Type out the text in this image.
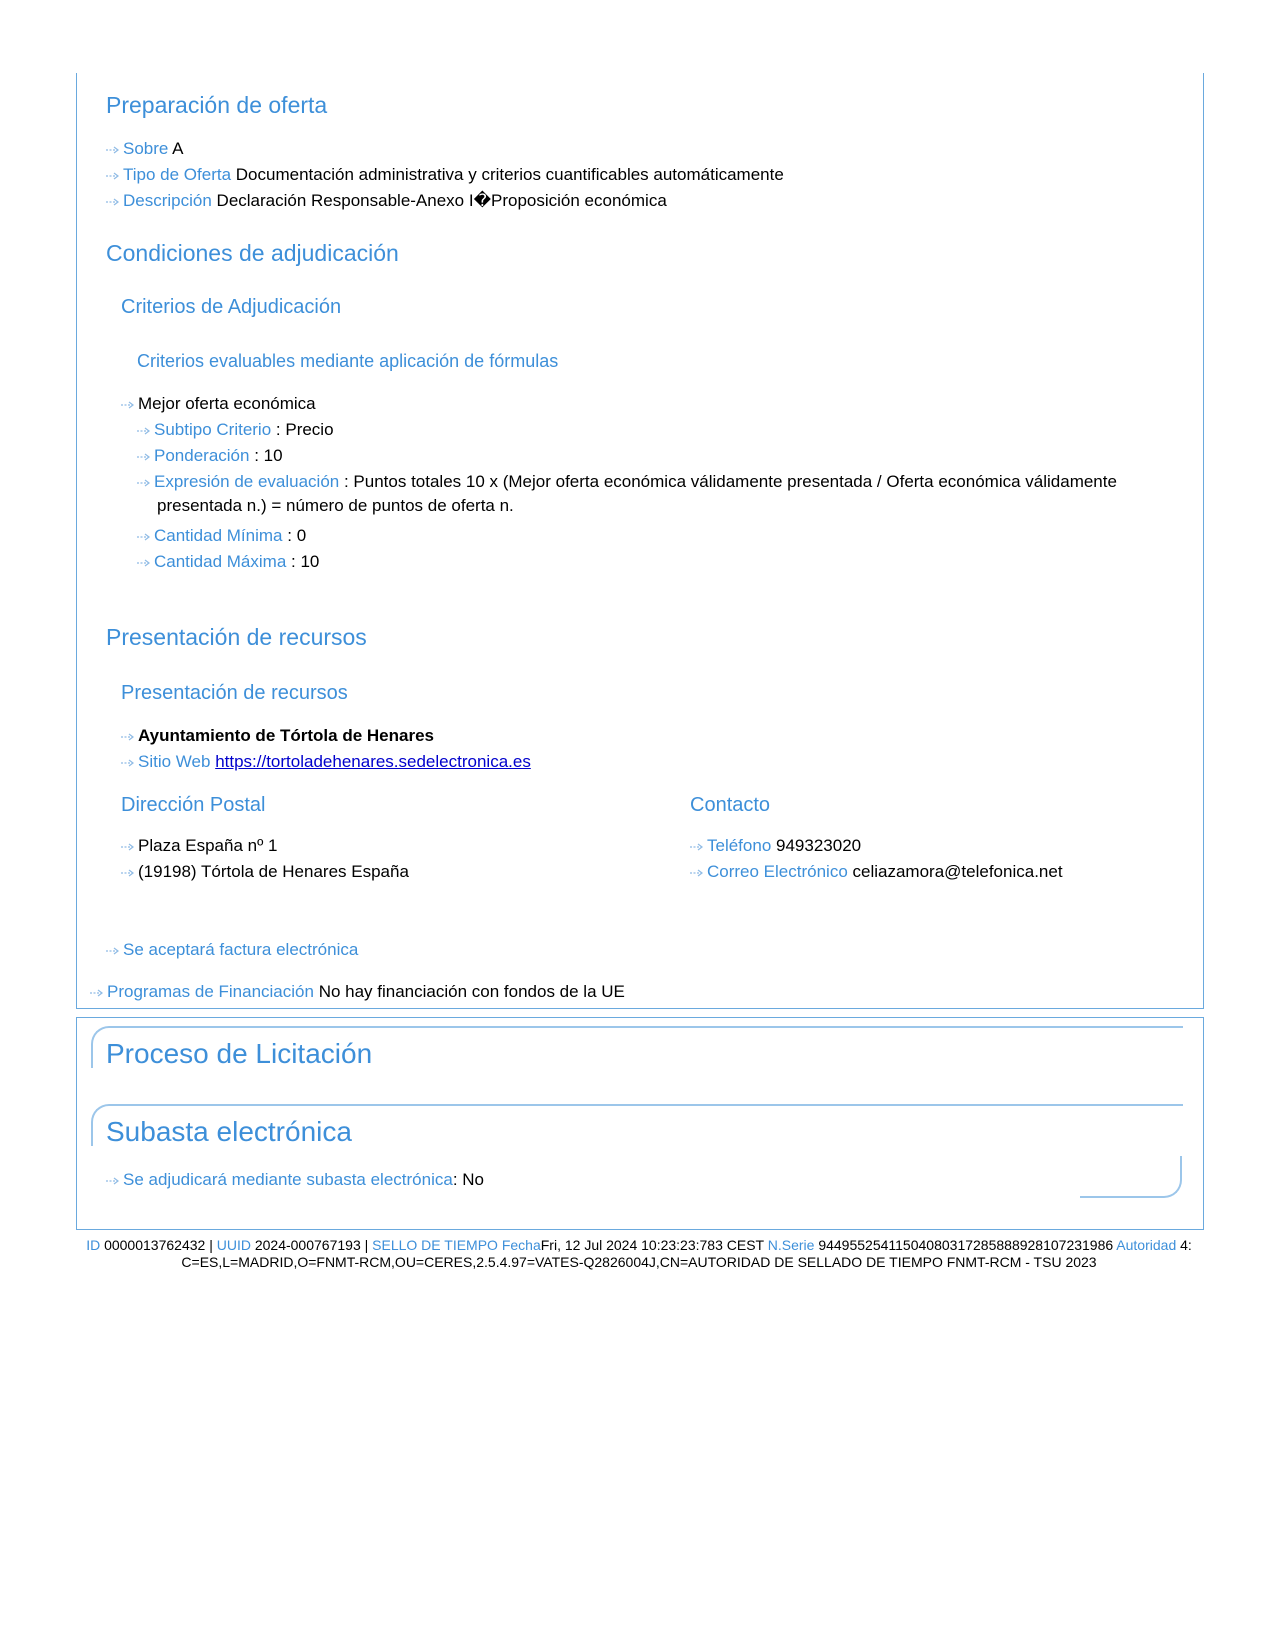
Preparación de oferta
Sobre A
Tipo de Oferta Documentación administrativa y criterios cuantificables automáticamente
Descripción Declaración Responsable-Anexo I�Proposición económica
Condiciones de adjudicación
Criterios de Adjudicación
Criterios evaluables mediante aplicación de fórmulas
Mejor oferta económica
Subtipo Criterio : Precio
Ponderación : 10
Expresión de evaluación : Puntos totales 10 x (Mejor oferta económica válidamente presentada / Oferta económica válidamente presentada n.) = número de puntos de oferta n.
Cantidad Mínima : 0
Cantidad Máxima : 10
Presentación de recursos
Presentación de recursos
Ayuntamiento de Tórtola de Henares
Sitio Web https://tortoladehenares.sedelectronica.es
Dirección Postal
Plaza España nº 1
(19198) Tórtola de Henares España
Contacto
Teléfono 949323020
Correo Electrónico celiazamora@telefonica.net
Se aceptará factura electrónica
Programas de Financiación No hay financiación con fondos de la UE
Proceso de Licitación
Subasta electrónica
Se adjudicará mediante subasta electrónica: No
ID 0000013762432 | UUID 2024-000767193 | SELLO DE TIEMPO FechaFri, 12 Jul 2024 10:23:23:783 CEST N.Serie 94495525411504080317285888928107231986 Autoridad 4: C=ES,L=MADRID,O=FNMT-RCM,OU=CERES,2.5.4.97=VATES-Q2826004J,CN=AUTORIDAD DE SELLADO DE TIEMPO FNMT-RCM - TSU 2023
